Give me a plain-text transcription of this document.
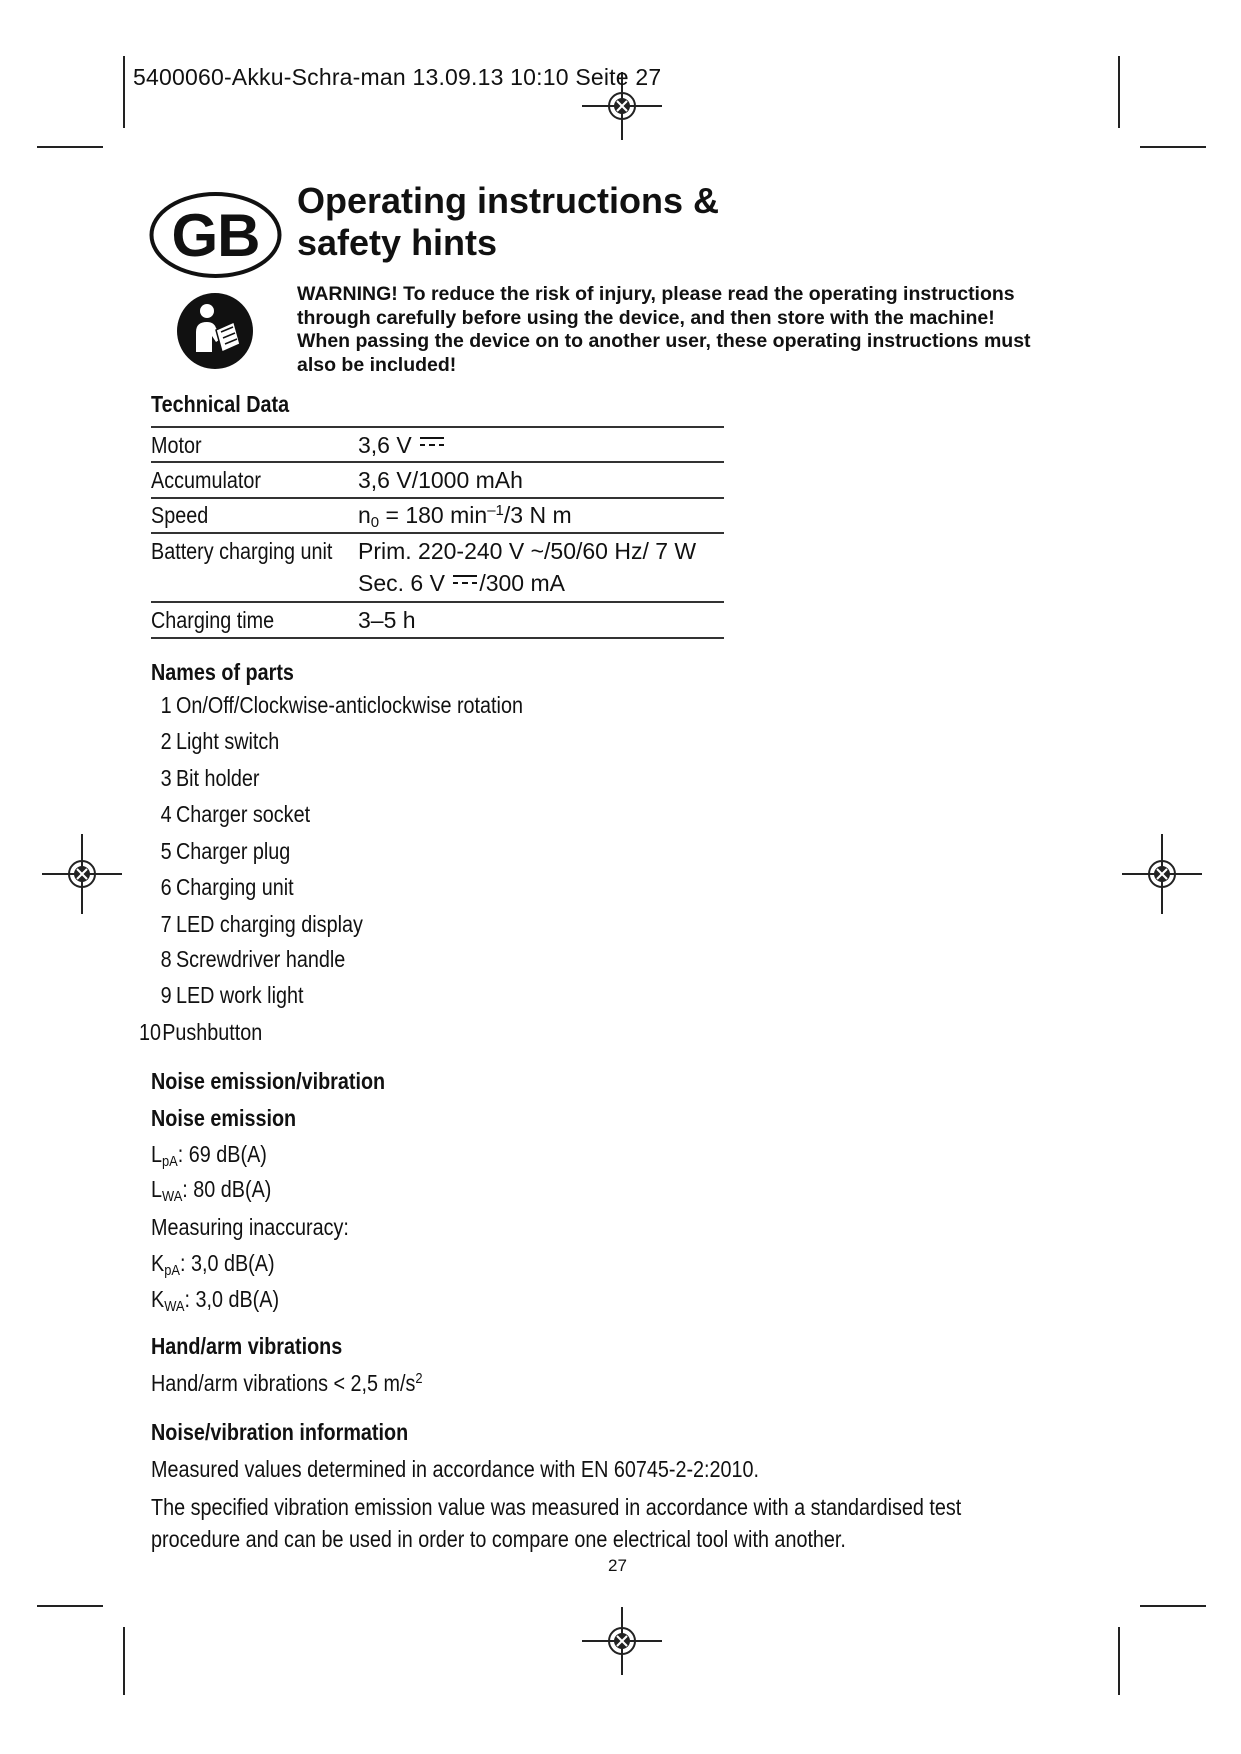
5400060-Akku-Schra-man 13.09.13 10:10 Seite 27
GB
Operating instructions &
safety hints
WARNING! To reduce the risk of injury, please read the operating instructions
through carefully before using the device, and then store with the machine!
When passing the device on to another user, these operating instructions must
also be included!
Technical Data
Motor	3,6 V
Accumulator	3,6 V/1000 mAh
Speed	$n_0 = 180$ $\min^{-1}/3$ N m
Battery charging unit Prim. 220-240 V ~/50/60 Hz/ 7 W
Sec. 6 V /300 mA
Charging time	3–5 h
Names of parts
1 On/Off/Clockwise-anticlockwise rotation
2 Light switch
3 Bit holder
4 Charger socket
5 Charger plug
6 Charging unit
7 LED charging display
8 Screwdriver handle
9 LED work light
10Pushbutton
Noise emission/vibration
Noise emission
$L_{pA}$: 69 dB(A)
$L_{WA}$: 80 dB(A)
Measuring inaccuracy:
$K_{pA}$: 3,0 dB(A)
$K_{WA}$: 3,0 dB(A)
Hand/arm vibrations
Hand/arm vibrations < 2,5 $m/s^2$
Noise/vibration information
Measured values determined in accordance with EN 60745-2-2:2010.
The specified vibration emission value was measured in accordance with a standardised test
procedure and can be used in order to compare one electrical tool with another.
27
